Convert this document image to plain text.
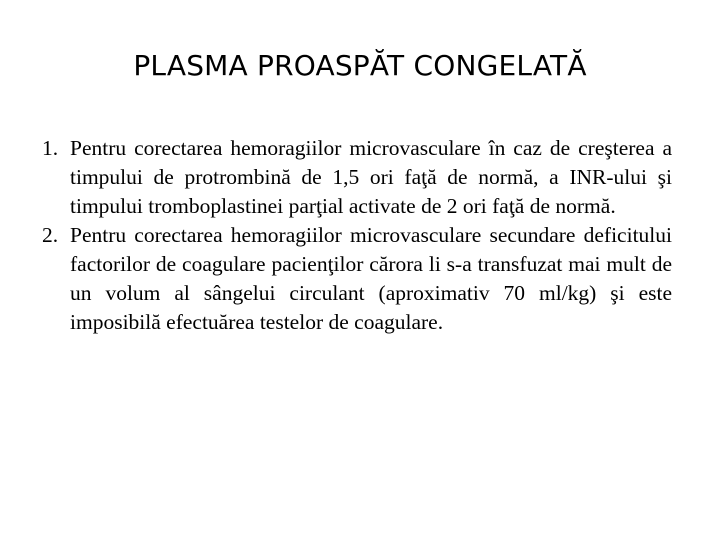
PLASMA PROASPĂT CONGELATĂ

1. Pentru corectarea hemoragiilor microvasculare în caz de creşterea a timpului de protrombină de 1,5 ori faţă de normă, a INR-ului şi timpului tromboplastinei parţial activate de 2 ori faţă de normă.

2. Pentru corectarea hemoragiilor microvasculare secundare deficitului factorilor de coagulare pacienţilor cărora li s-a transfuzat mai mult de un volum al sângelui circulant (aproximativ 70 ml/kg) şi este imposibilă efectuărea testelor de coagulare.
